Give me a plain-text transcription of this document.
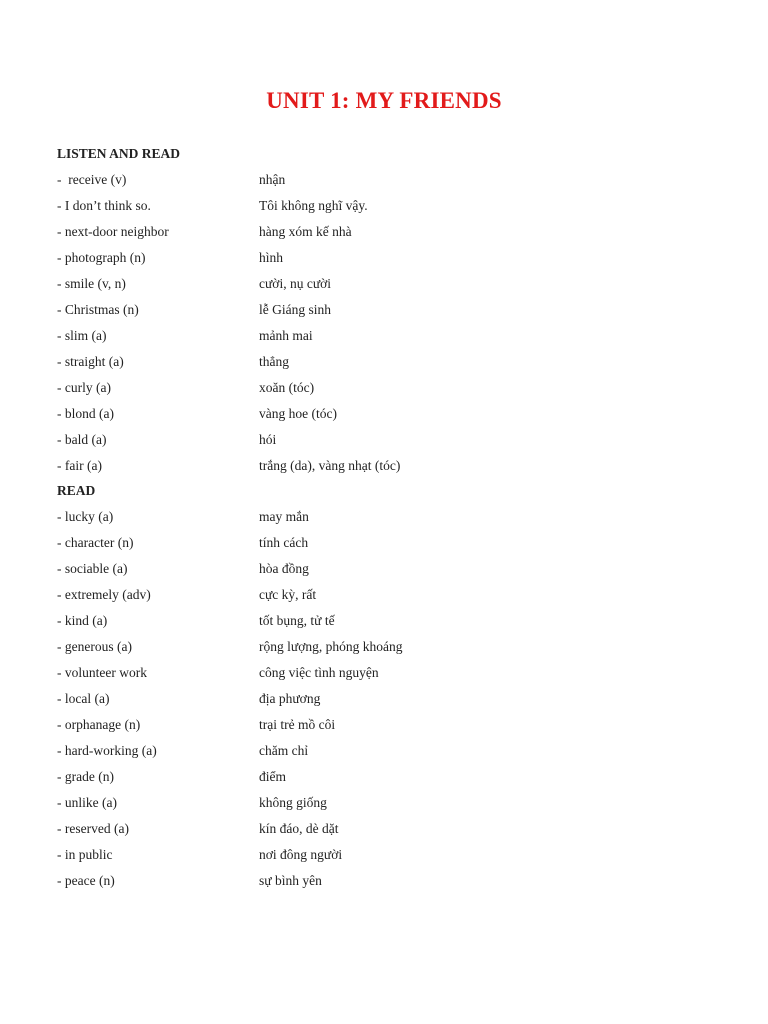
UNIT 1: MY FRIENDS
LISTEN AND READ
-  receive (v)	nhận
- I don’t think so.	Tôi không nghĩ vậy.
- next-door neighbor	hàng xóm kế nhà
- photograph (n)	hình
- smile (v, n)	cười, nụ cười
- Christmas (n)	lễ Giáng sinh
- slim (a)	mảnh mai
- straight (a)	thẳng
- curly (a)	xoăn (tóc)
- blond (a)	vàng hoe (tóc)
- bald (a)	hói
- fair (a)	trắng (da), vàng nhạt (tóc)
READ
- lucky (a)	may mắn
- character (n)	tính cách
- sociable (a)	hòa đồng
- extremely (adv)	cực kỳ, rất
- kind (a)	tốt bụng, tử tế
- generous (a)	rộng lượng, phóng khoáng
- volunteer work	công việc tình nguyện
- local (a)	địa phương
- orphanage (n)	trại trẻ mồ côi
- hard-working (a)	chăm chỉ
- grade (n)	điểm
- unlike (a)	không giống
- reserved (a)	kín đáo, dè dặt
- in public	nơi đông người
- peace (n)	sự bình yên
